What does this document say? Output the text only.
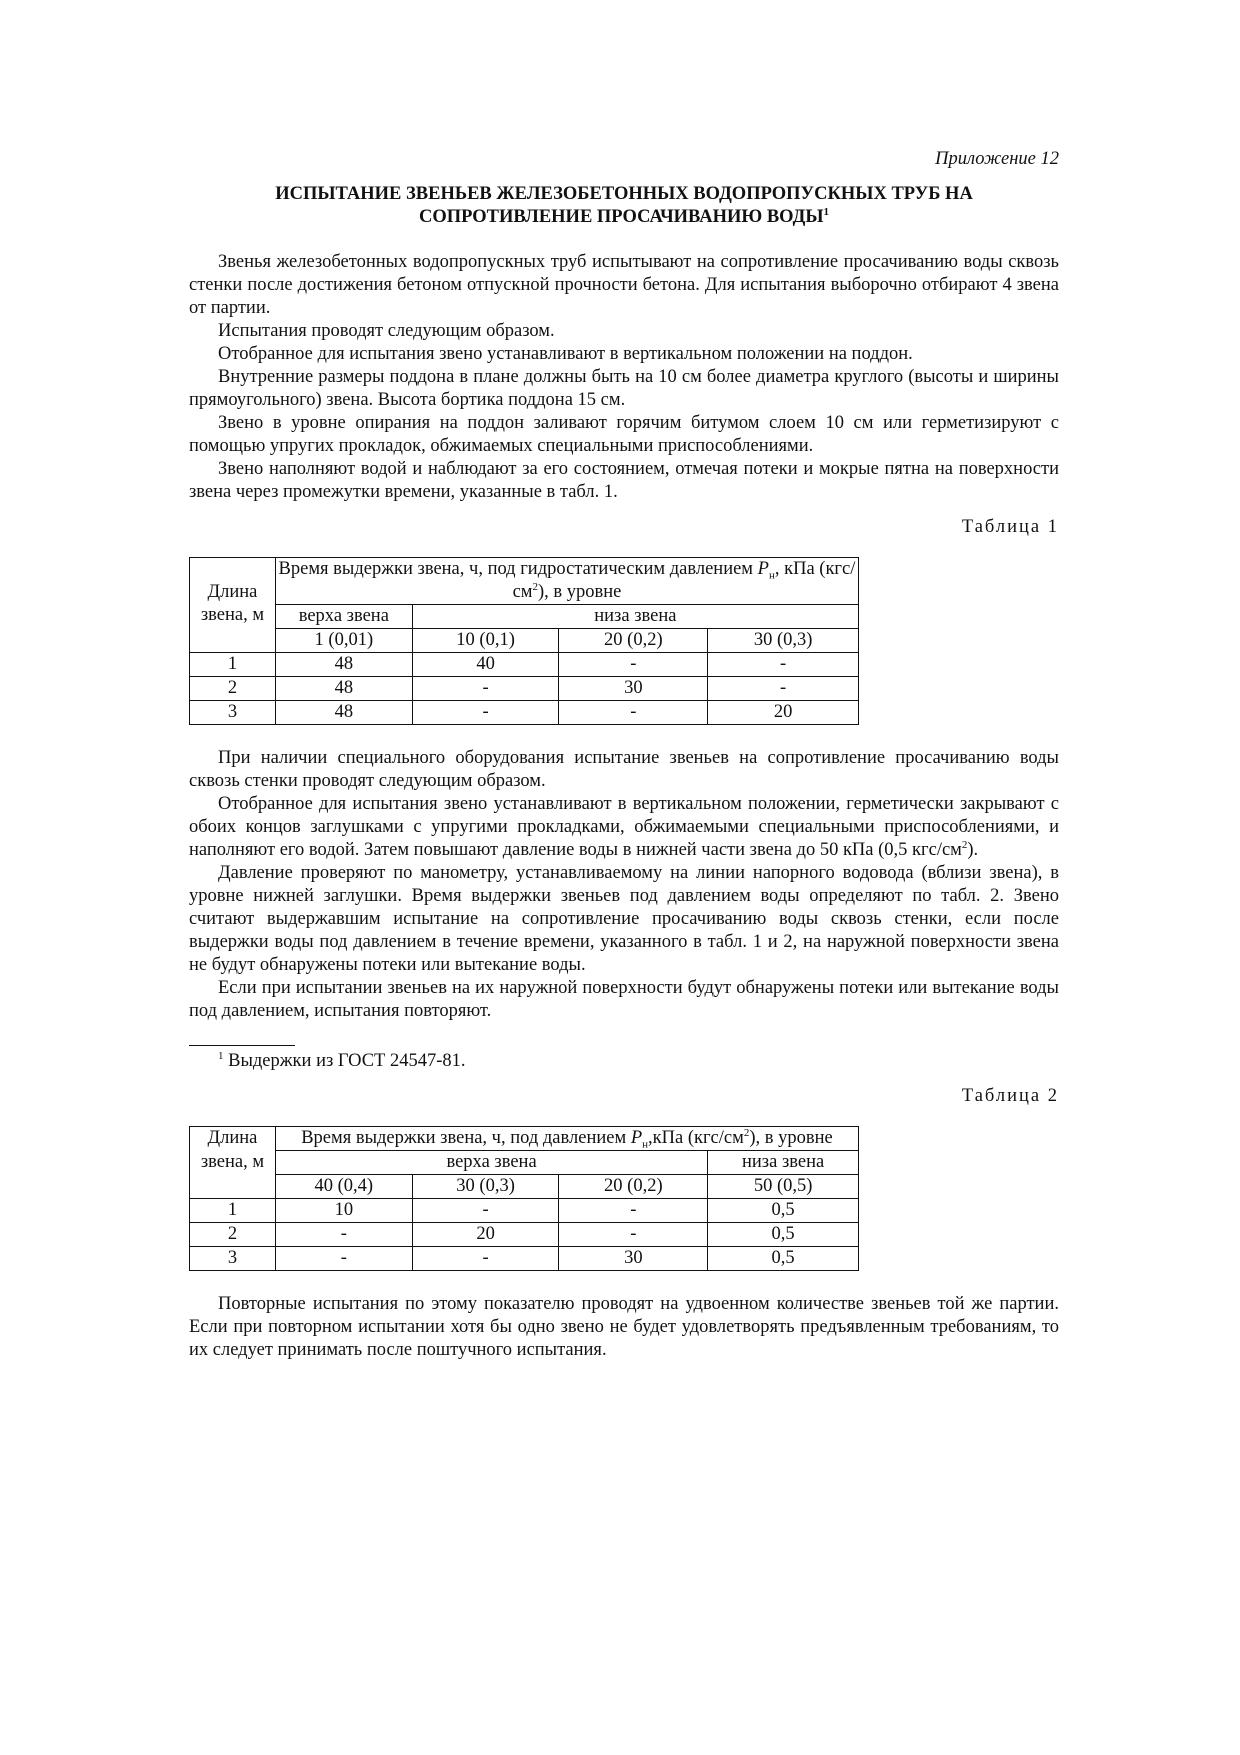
Приложение 12
ИСПЫТАНИЕ ЗВЕНЬЕВ ЖЕЛЕЗОБЕТОННЫХ ВОДОПРОПУСКНЫХ ТРУБ НА СОПРОТИВЛЕНИЕ ПРОСАЧИВАНИЮ ВОДЫ$^1$

Звенья железобетонных водопропускных труб испытывают на сопротивление просачиванию воды сквозь стенки после достижения бетоном отпускной прочности бетона. Для испытания выборочно отбирают 4 звена от партии.

Испытания проводят следующим образом.

Отобранное для испытания звено устанавливают в вертикальном положении на поддон.

Внутренние размеры поддона в плане должны быть на 10 см более диаметра круглого (высоты и ширины прямоугольного) звена. Высота бортика поддона 15 см.

Звено в уровне опирания на поддон заливают горячим битумом слоем 10 см или герметизируют с помощью упругих прокладок, обжимаемых специальными приспособлениями.

Звено наполняют водой и наблюдают за его состоянием, отмечая потеки и мокрые пятна на поверхности звена через промежутки времени, указанные в табл. 1.

Таблица 1
Длина звена, м	Время выдержки звена, ч, под гидростатическим давлением $P_н$, кПа $(кгс/см^2)$, в уровне			
	верха звена	низа звена		
	1 (0,01)	10 (0,1)	20 (0,2)	30 (0,3)
1	48	40	-	-
2	48	-	30	-
3	48	-	-	20

При наличии специального оборудования испытание звеньев на сопротивление просачиванию воды сквозь стенки проводят следующим образом.

Отобранное для испытания звено устанавливают в вертикальном положении, герметически закрывают с обоих концов заглушками с упругими прокладками, обжимаемыми специальными приспособлениями, и наполняют его водой. Затем повышают давление воды в нижней части звена до 50 кПа (0,5 кгс/$см^2$).

Давление проверяют по манометру, устанавливаемому на линии напорного водовода (вблизи звена), в уровне нижней заглушки. Время выдержки звеньев под давлением воды определяют по табл. 2. Звено считают выдержавшим испытание на сопротивление просачиванию воды сквозь стенки, если после выдержки воды под давлением в течение времени, указанного в табл. 1 и 2, на наружной поверхности звена не будут обнаружены потеки или вытекание воды.

Если при испытании звеньев на их наружной поверхности будут обнаружены потеки или вытекание воды под давлением, испытания повторяют.

$^1$ Выдержки из ГОСТ 24547-81.

Таблица 2
Длина	Время выдержки звена, ч, под давлением $P_н,кПа$ $(кгс/см^2)$, в уровне			
звена, м	верха звена			низа звена
	40 (0,4)	30 (0,3)	20 (0,2)	50 (0,5)
1	10	-	-	0,5
2	-	20	-	0,5
3	-	-	30	0,5

Повторные испытания по этому показателю проводят на удвоенном количестве звеньев той же партии. Если при повторном испытании хотя бы одно звено не будет удовлетворять предъявленным требованиям, то их следует принимать после поштучного испытания.
